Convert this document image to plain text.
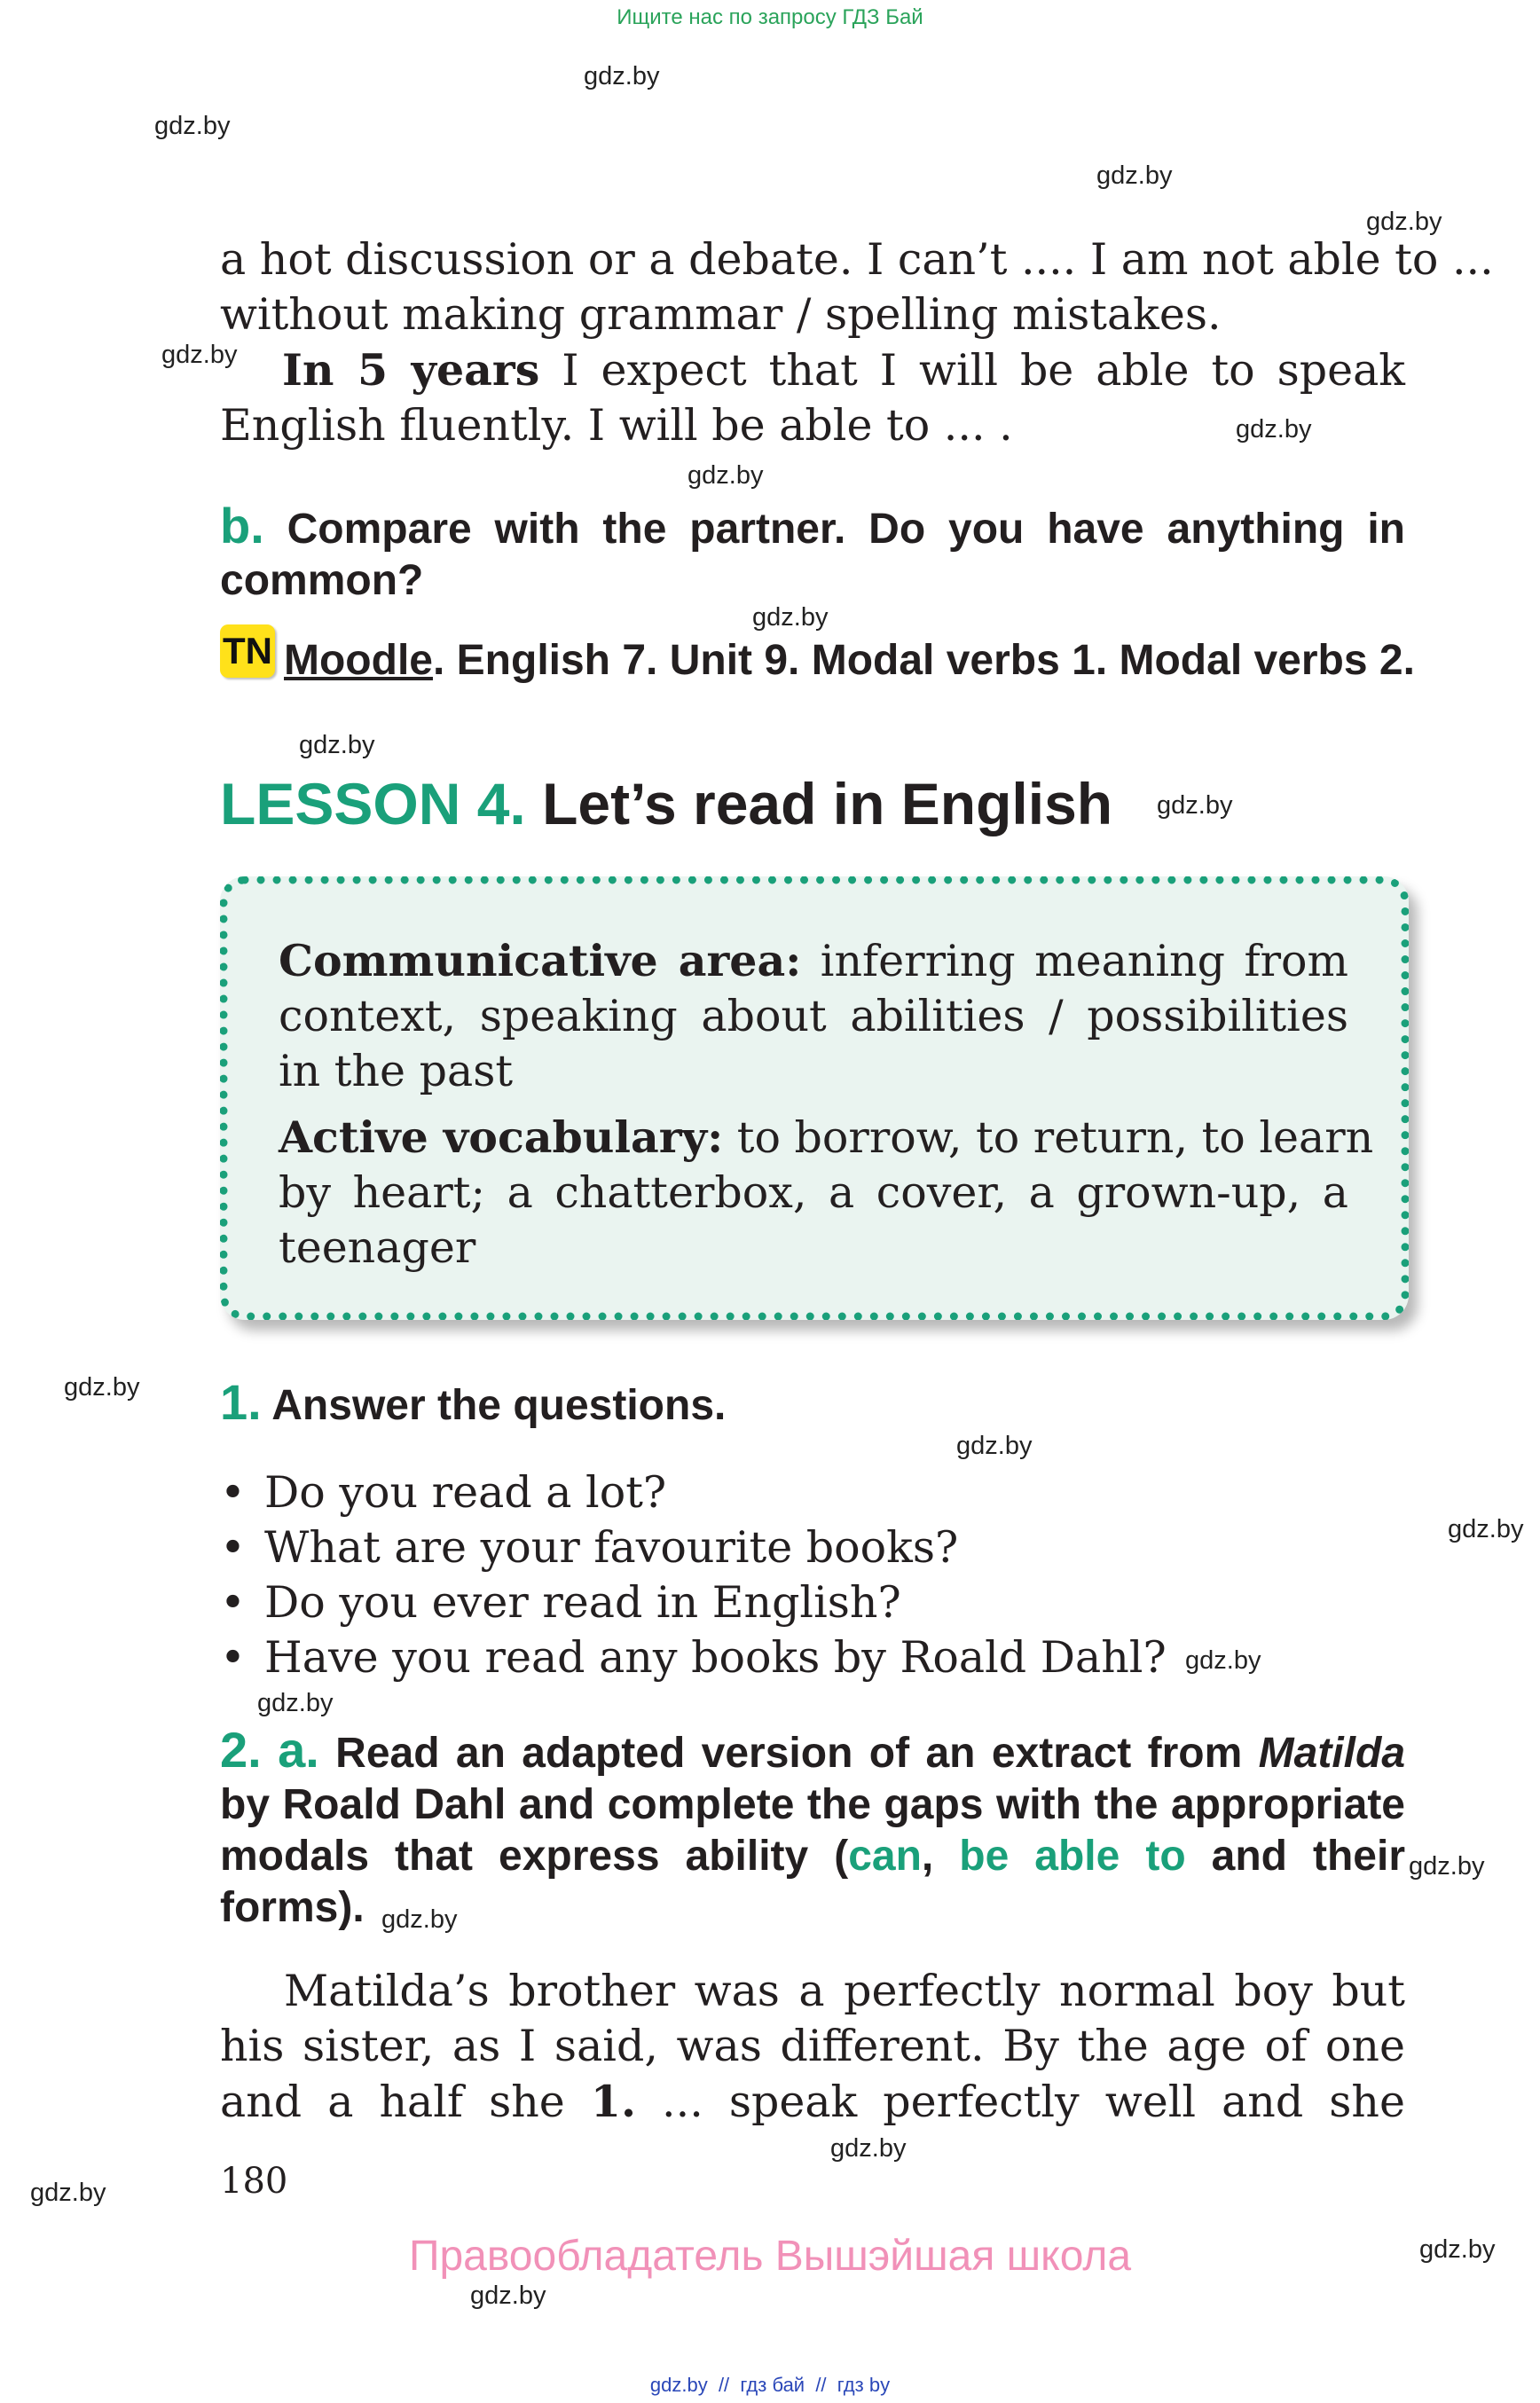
Ищите нас по запросу ГДЗ Бай
gdz.by
gdz.by
gdz.by
gdz.by
gdz.by
gdz.by
gdz.by
gdz.by
gdz.by
gdz.by
gdz.by
gdz.by
gdz.by
gdz.by
gdz.by
gdz.by
gdz.by
gdz.by
gdz.by
gdz.by
gdz.by
a hot discussion or a debate. I can’t .... I am not able to ...
without making grammar / spelling mistakes.
In 5 years I expect that I will be able to speak
English fluently. I will be able to ... .
b. Compare with the partner. Do you have anything in
common?
TN Moodle. English 7. Unit 9. Modal verbs 1. Modal verbs 2.
LESSON 4. Let’s read in English
Communicative area: inferring meaning from
context, speaking about abilities / possibilities
in the past
Active vocabulary: to borrow, to return, to learn
by heart; a chatterbox, a cover, a grown-up, a
teenager
1. Answer the questions.
• Do you read a lot?
• What are your favourite books?
• Do you ever read in English?
• Have you read any books by Roald Dahl?
2. a. Read an adapted version of an extract from Matilda
by Roald Dahl and complete the gaps with the appropriate
modals that express ability (can, be able to and their
forms).
Matilda’s brother was a perfectly normal boy but
his sister, as I said, was different. By the age of one
and a half she 1. ... speak perfectly well and she
180
Правообладатель Вышэйшая школа
gdz.by  //  гдз бай  //  гдз by
